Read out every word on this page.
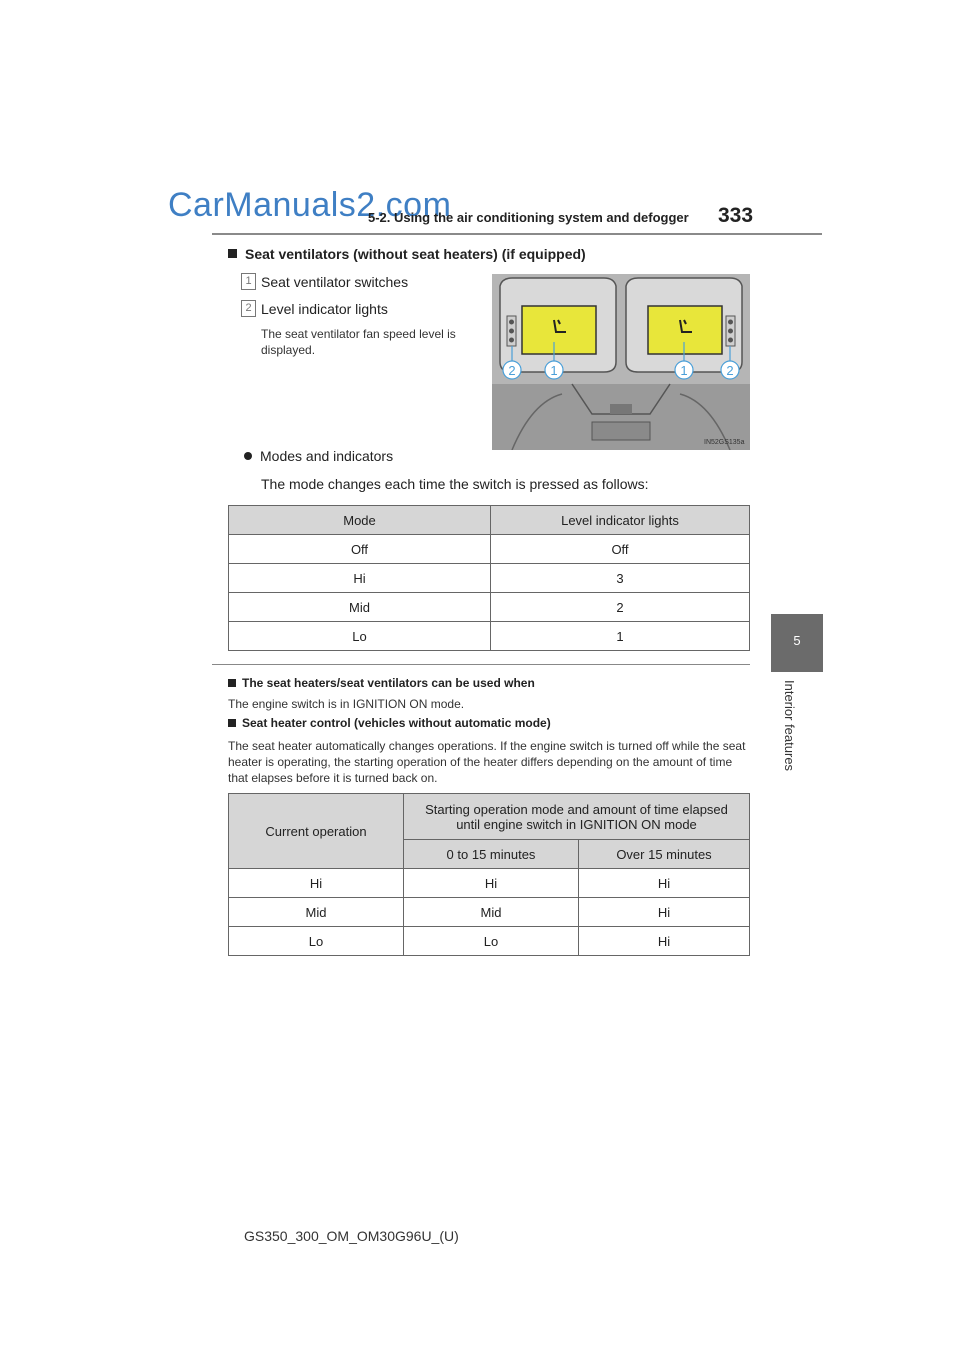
CarManuals2.com
5-2. Using the air conditioning system and defogger 333
5
Interior features
Seat ventilators (without seat heaters) (if equipped)
1 Seat ventilator switches
2 Level indicator lights
The seat ventilator fan speed level is displayed.
2	1	1	2
IN52GS135a
Modes and indicators
The mode changes each time the switch is pressed as follows:
Mode	Level indicator lights
Off	Off
Hi	3
Mid	2
Lo	1
The seat heaters/seat ventilators can be used when
The engine switch is in IGNITION ON mode.
Seat heater control (vehicles without automatic mode)
The seat heater automatically changes operations. If the engine switch is turned off while the seat heater is operating, the starting operation of the heater differs depending on the amount of time that elapses before it is turned back on.
Current operation	Starting operation mode and amount of time elapsed until engine switch in IGNITION ON mode	
	0 to 15 minutes	Over 15 minutes
Hi	Hi	Hi
Mid	Mid	Hi
Lo	Lo	Hi
GS350_300_OM_OM30G96U_(U)
